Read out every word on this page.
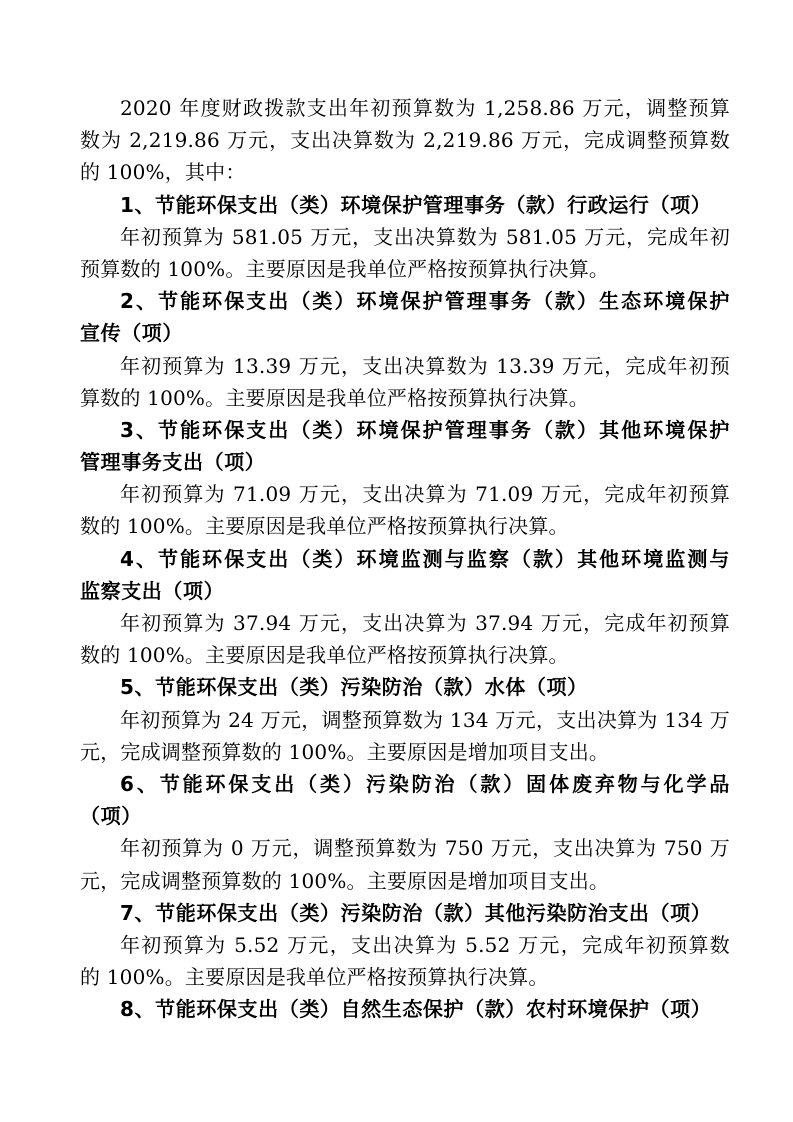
2020 年度财政拨款支出年初预算数为 1,258.86 万元，调整预算
数为 2,219.86 万元，支出决算数为 2,219.86 万元，完成调整预算数
的 100%，其中：
1、节能环保支出（类）环境保护管理事务（款）行政运行（项）
年初预算为 581.05 万元，支出决算数为 581.05 万元，完成年初
预算数的 100%。主要原因是我单位严格按预算执行决算。
2、节能环保支出（类）环境保护管理事务（款）生态环境保护
宣传（项）
年初预算为 13.39 万元，支出决算数为 13.39 万元，完成年初预
算数的 100%。主要原因是我单位严格按预算执行决算。
3、节能环保支出（类）环境保护管理事务（款）其他环境保护
管理事务支出（项）
年初预算为 71.09 万元，支出决算为 71.09 万元，完成年初预算
数的 100%。主要原因是我单位严格按预算执行决算。
4、节能环保支出（类）环境监测与监察（款）其他环境监测与
监察支出（项）
年初预算为 37.94 万元，支出决算为 37.94 万元，完成年初预算
数的 100%。主要原因是我单位严格按预算执行决算。
5、节能环保支出（类）污染防治（款）水体（项）
年初预算为 24 万元，调整预算数为 134 万元，支出决算为 134 万
元，完成调整预算数的 100%。主要原因是增加项目支出。
6、节能环保支出（类）污染防治（款）固体废弃物与化学品
（项）
年初预算为 0 万元，调整预算数为 750 万元，支出决算为 750 万
元，完成调整预算数的 100%。主要原因是增加项目支出。
7、节能环保支出（类）污染防治（款）其他污染防治支出（项）
年初预算为 5.52 万元，支出决算为 5.52 万元，完成年初预算数
的 100%。主要原因是我单位严格按预算执行决算。
8、节能环保支出（类）自然生态保护（款）农村环境保护（项）
